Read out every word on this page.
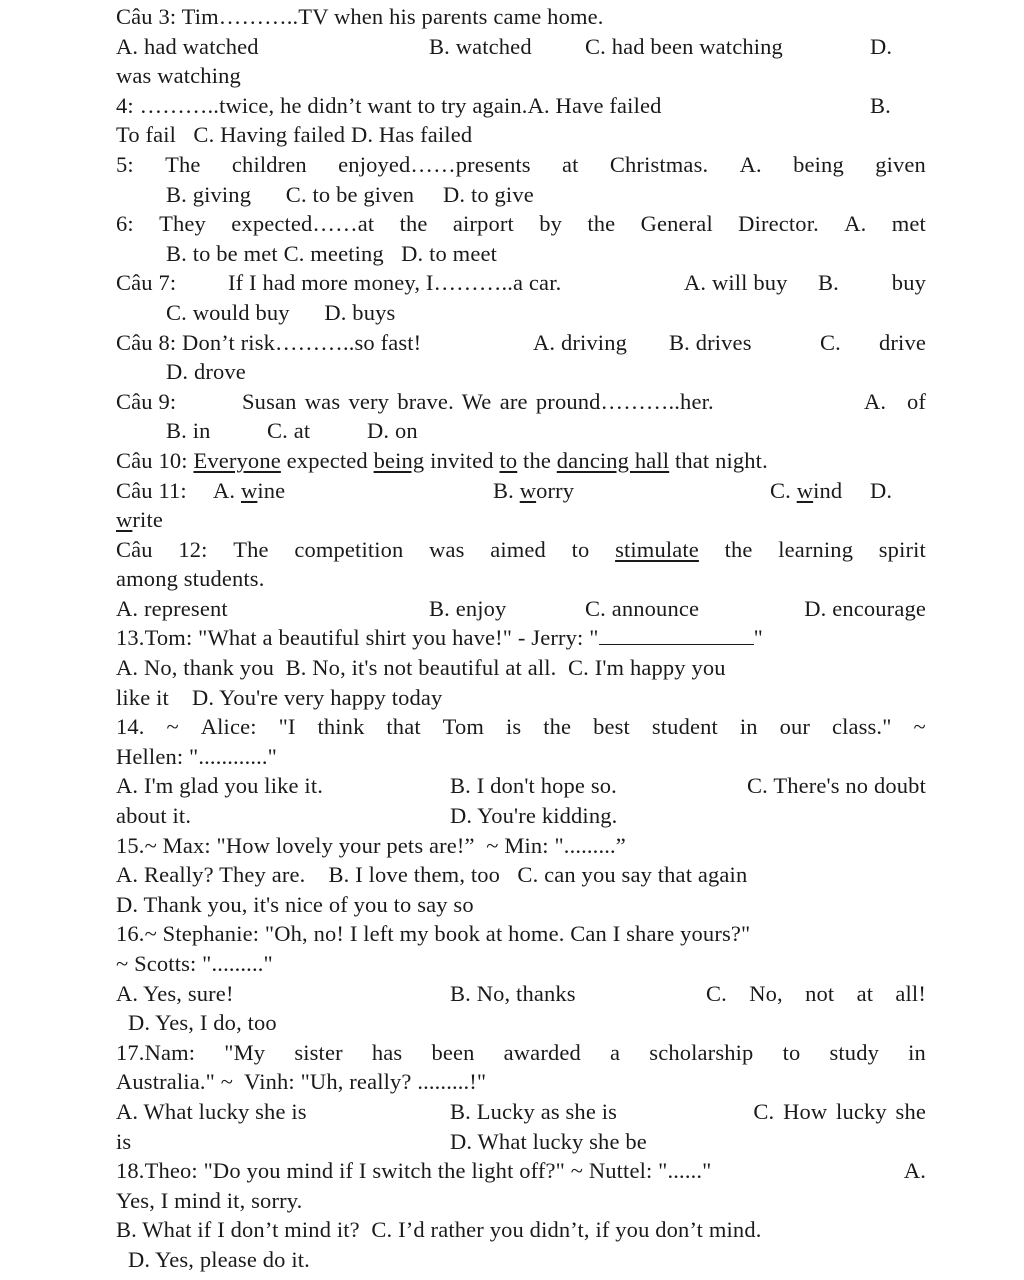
Câu 3: Tim………..TV when his parents came home.
A. had watched	B. watched C. had been watching	D.
was watching
4: ………..twice, he didn’t want to try again.A. Have failed	B.
To fail C. Having failed D. Has failed
5: The children enjoyed……presents at Christmas. A. being given
B. giving C. to be given D. to give
6: They expected……at the airport by the General Director. A. met
B. to be met C. meeting D. to meet
Câu 7: If I had more money, I………..a car.	A. will buy B. buy
C. would buy D. buys
Câu 8: Don’t risk………..so fast!	A. driving B. drives	C. drive
D. drove
Câu 9:	Susan was very brave. We are pround………..her.	A. of
B. in	C. at	D. on
Câu 10: Everyone expected being invited to the dancing hall that night.
Câu 11: A. wine	B. worry	C. wind D.
write
Câu 12: The competition was aimed to stimulate the learning spirit
among students.
A. represent	B. enjoy	C. announce	D. encourage
13.Tom: "What a beautiful shirt you have!" - Jerry: "	"
A. No, thank you B. No, it's not beautiful at all. C. I'm happy you
like it D. You're very happy today
14. ~ Alice: "I think that Tom is the best student in our class." ~
Hellen: "............"
A. I'm glad you like it.	B. I don't hope so.	C. There's no doubt
about it.	D. You're kidding.
15.~ Max: "How lovely your pets are!”  ~ Min: ".........”
A. Really? They are. B. I love them, too C. can you say that again
D. Thank you, it's nice of you to say so
16.~ Stephanie: "Oh, no! I left my book at home. Can I share yours?"
~ Scotts: "........."
A. Yes, sure!	B. No, thanks	C. No, not at all!
D. Yes, I do, too
17.Nam: "My sister has been awarded a scholarship to study in
Australia." ~  Vinh: "Uh, really? .........!"
A. What lucky she is	B. Lucky as she is	C. How lucky she
is	D. What lucky she be
18.Theo: "Do you mind if I switch the light off?" ~ Nuttel: "......"	A.
Yes, I mind it, sorry.
B. What if I don’t mind it? C. I’d rather you didn’t, if you don’t mind.
D. Yes, please do it.
